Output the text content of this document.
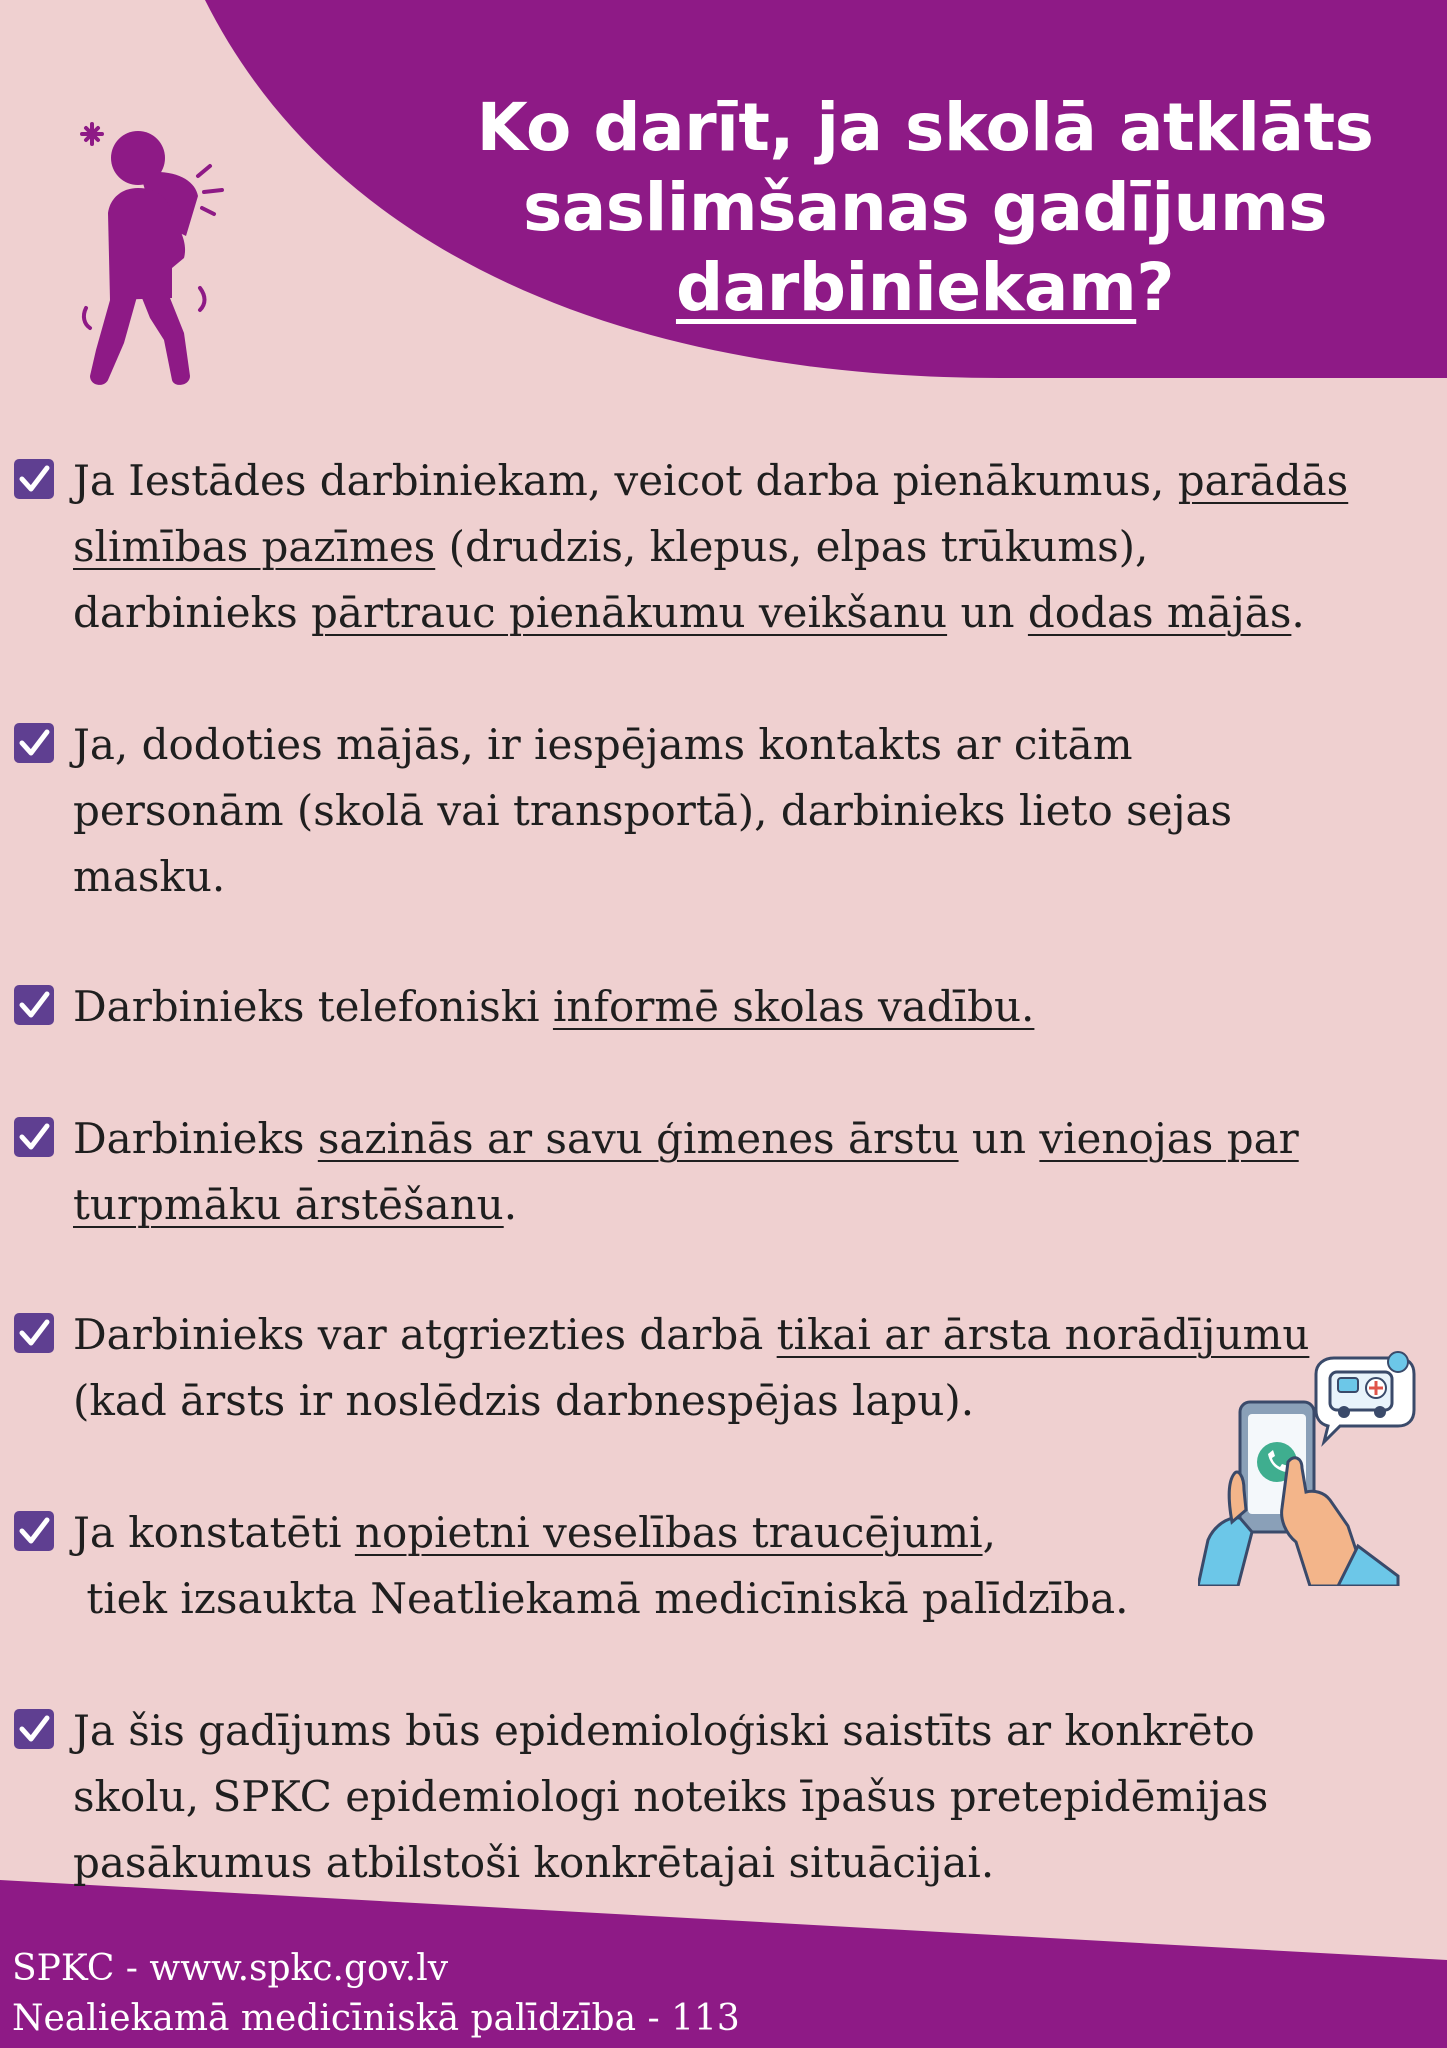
Ko darīt, ja skolā atklāts
saslimšanas gadījums
darbiniekam?
Ja Iestādes darbiniekam, veicot darba pienākumus, parādās
slimības pazīmes (drudzis, klepus, elpas trūkums),
darbinieks pārtrauc pienākumu veikšanu un dodas mājās.
Ja, dodoties mājās, ir iespējams kontakts ar citām
personām (skolā vai transportā), darbinieks lieto sejas
masku.
Darbinieks telefoniski informē skolas vadību.
Darbinieks sazinās ar savu ģimenes ārstu un vienojas par
turpmāku ārstēšanu.
Darbinieks var atgriezties darbā tikai ar ārsta norādījumu
(kad ārsts ir noslēdzis darbnespējas lapu).
Ja konstatēti nopietni veselības traucējumi,
tiek izsaukta Neatliekamā medicīniskā palīdzība.
Ja šis gadījums būs epidemioloģiski saistīts ar konkrēto
skolu, SPKC epidemiologi noteiks īpašus pretepidēmijas
pasākumus atbilstoši konkrētajai situācijai.
SPKC - www.spkc.gov.lv
Nealiekamā medicīniskā palīdzība - 113
